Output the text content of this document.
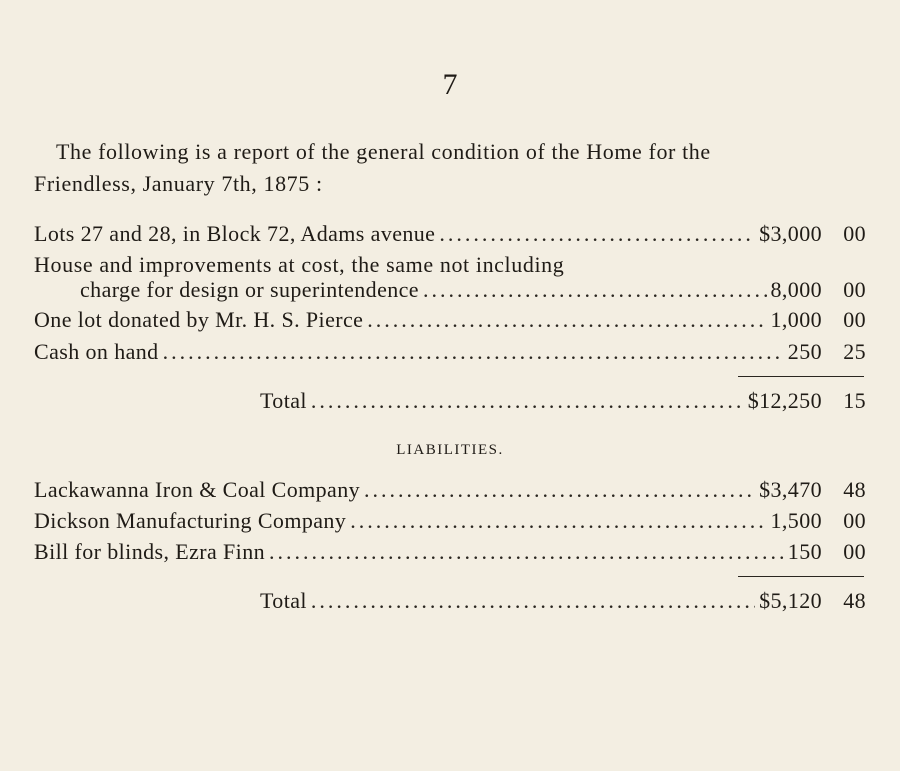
7
The following is a report of the general condition of the Home for the
Friendless, January 7th, 1875 :
Lots 27 and 28, in Block 72, Adams avenue .....	$3,000 00
House and improvements at cost, the same not including
charge for design or superintendence .....	8,000 00
One lot donated by Mr. H. S. Pierce .....	1,000 00
Cash on hand .....	250 25
Total .....	$12,250 15
LIABILITIES.
Lackawanna Iron & Coal Company .....	$3,470 48
Dickson Manufacturing Company .....	1,500 00
Bill for blinds, Ezra Finn .....	150 00
Total .....	$5,120 48
